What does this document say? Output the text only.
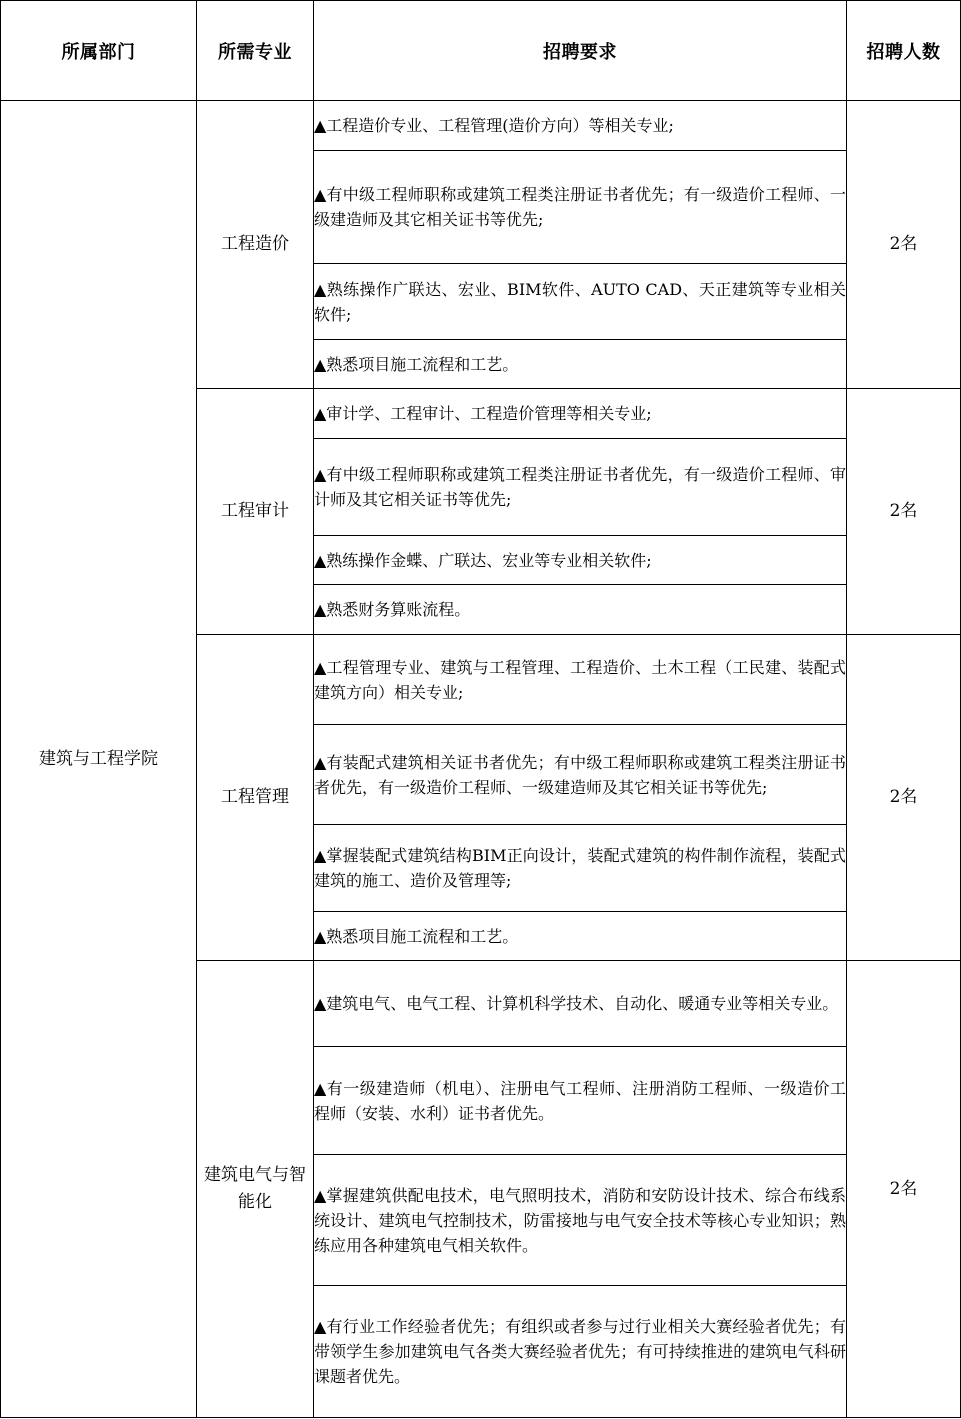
所属部门	所需专业	招聘要求	招聘人数
建筑与工程学院	工程造价	▲工程造价专业、工程管理(造价方向）等相关专业;	2名

		▲有中级工程师职称或建筑工程类注册证书者优先；有一级造价工程师、一级建造师及其它相关证书等优先;	

		▲熟练操作广联达、宏业、BIM软件、AUTO CAD、天正建筑等专业相关软件;	

		▲熟悉项目施工流程和工艺。	

	工程审计	▲审计学、工程审计、工程造价管理等相关专业;	2名

		▲有中级工程师职称或建筑工程类注册证书者优先，有一级造价工程师、审计师及其它相关证书等优先;	

		▲熟练操作金蝶、广联达、宏业等专业相关软件;	

		▲熟悉财务算账流程。	

	工程管理	▲工程管理专业、建筑与工程管理、工程造价、土木工程（工民建、装配式建筑方向）相关专业;	2名

		▲有装配式建筑相关证书者优先；有中级工程师职称或建筑工程类注册证书者优先，有一级造价工程师、一级建造师及其它相关证书等优先;	

		▲掌握装配式建筑结构BIM正向设计，装配式建筑的构件制作流程，装配式建筑的施工、造价及管理等;	

		▲熟悉项目施工流程和工艺。	

	建筑电气与智能化	▲建筑电气、电气工程、计算机科学技术、自动化、暖通专业等相关专业。	2名

		▲有一级建造师（机电）、注册电气工程师、注册消防工程师、一级造价工程师（安装、水利）证书者优先。	

		▲掌握建筑供配电技术，电气照明技术，消防和安防设计技术、综合布线系统设计、建筑电气控制技术，防雷接地与电气安全技术等核心专业知识；熟练应用各种建筑电气相关软件。	

		▲有行业工作经验者优先；有组织或者参与过行业相关大赛经验者优先；有带领学生参加建筑电气各类大赛经验者优先；有可持续推进的建筑电气科研课题者优先。	
